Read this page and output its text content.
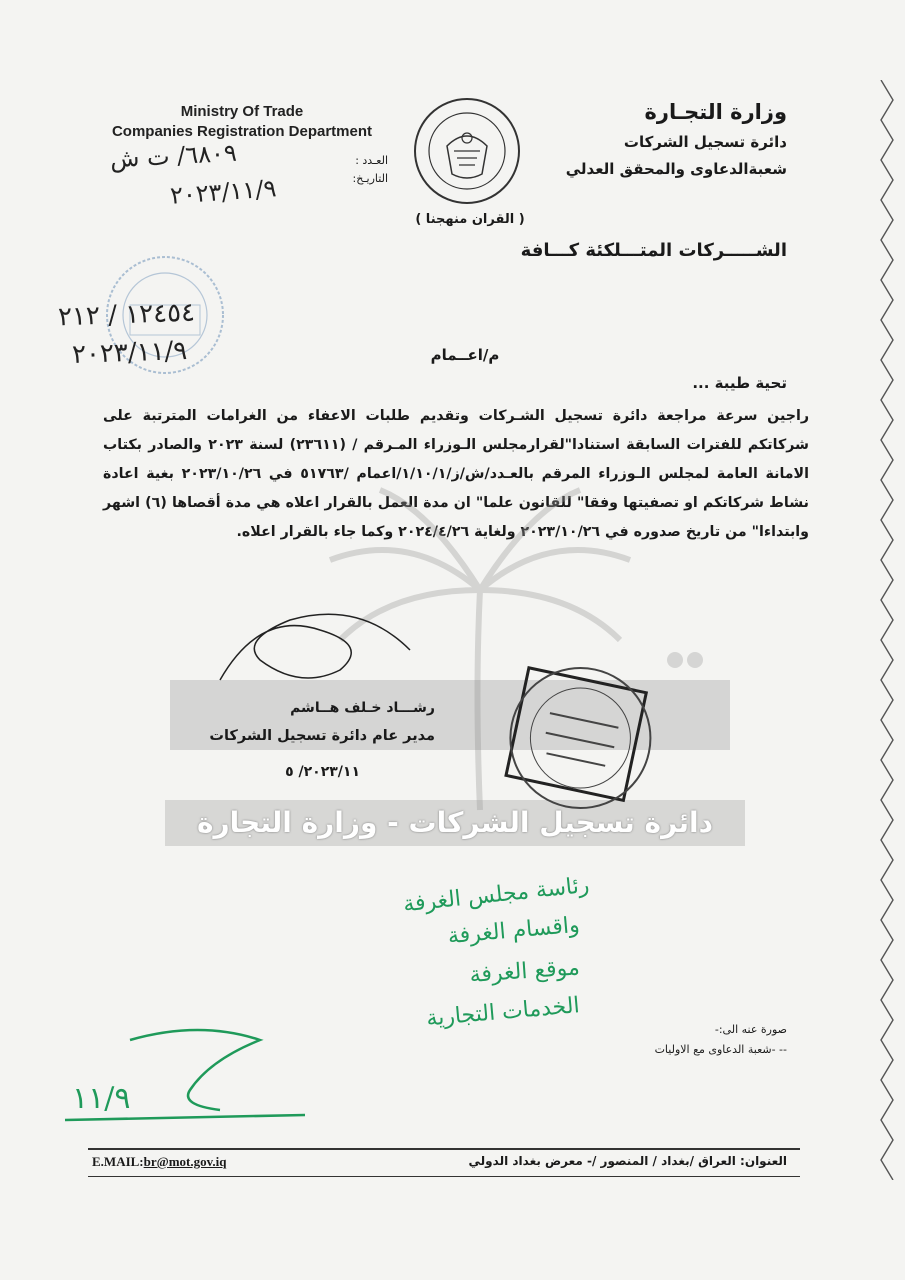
Ministry Of Trade
Companies Registration Department
وزارة التجـارة
دائرة تسجيل الشركات
شعبةالدعاوى والمحقق العدلي
( القران منهجنا )
العـدد :
التاريـخ:
٦٨٠٩/ ت ش
٢٠٢٣/١١/٩
الشـــــركات المتـــلكئة كـــافة
١٢٤٥٤ / ٢١٢
٢٠٢٣/١١/٩	م/اعــمام
تحية طيبة ...
راجين سرعة مراجعة دائرة تسجيل الشـركات وتقديم طلبات الاعفاء من الغرامات المترتبة على شركاتكم للفترات السابقة استنادا"لقرارمجلس الـوزراء المـرقم / (٢٣٦١١) لسنة ٢٠٢٣ والصادر بكتاب الامانة العامة لمجلس الـوزراء المرقم بالعـدد/ش/ز/١/١٠/١/اعمام /٥١٧٦٣ في ٢٠٢٣/١٠/٢٦ بغية اعادة نشاط شركاتكم او تصفيتها وفقا" للقانون علما" ان مدة العمل بالقرار اعلاه هي مدة أقصاها (٦) اشهر وابتداءا" من تاريخ صدوره في ٢٠٢٣/١٠/٢٦ ولغاية ٢٠٢٤/٤/٢٦ وكما جاء بالقرار اعلاه.
دائرة تسجيل الشركات - وزارة التجارة
رشـــاد خـلف هــاشم
مدير عام دائرة تسجيل الشركات
٢٠٢٣/١١/ ٥
رئاسة مجلس الغرفة
واقسام الغرفة
موقع الغرفة
الخدمات التجارية
١١/٩
صورة عنه الى:-
-- -شعبة الدعاوى مع الاوليات
E.MAIL:br@mot.gov.iq	العنوان: العراق /بغداد / المنصور /- معرض بغداد الدولي
